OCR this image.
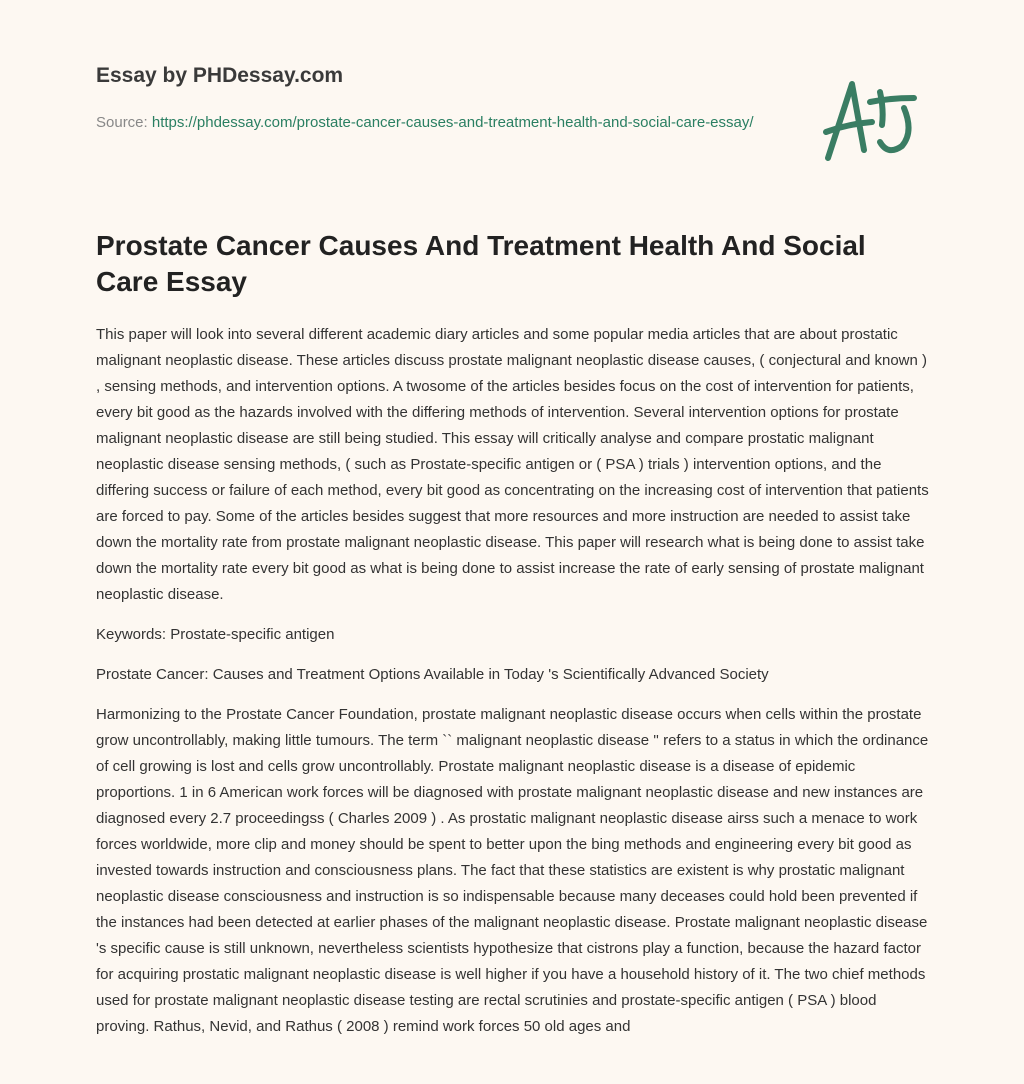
Essay by PHDessay.com
Source: https://phdessay.com/prostate-cancer-causes-and-treatment-health-and-social-care-essay/
Prostate Cancer Causes And Treatment Health And Social Care Essay

This paper will look into several different academic diary articles and some popular media articles that are about prostatic malignant neoplastic disease. These articles discuss prostate malignant neoplastic disease causes, ( conjectural and known ) , sensing methods, and intervention options. A twosome of the articles besides focus on the cost of intervention for patients, every bit good as the hazards involved with the differing methods of intervention. Several intervention options for prostate malignant neoplastic disease are still being studied. This essay will critically analyse and compare prostatic malignant neoplastic disease sensing methods, ( such as Prostate-specific antigen or ( PSA ) trials ) intervention options, and the differing success or failure of each method, every bit good as concentrating on the increasing cost of intervention that patients are forced to pay. Some of the articles besides suggest that more resources and more instruction are needed to assist take down the mortality rate from prostate malignant neoplastic disease. This paper will research what is being done to assist take down the mortality rate every bit good as what is being done to assist increase the rate of early sensing of prostate malignant neoplastic disease.

Keywords: Prostate-specific antigen

Prostate Cancer: Causes and Treatment Options Available in Today 's Scientifically Advanced Society

Harmonizing to the Prostate Cancer Foundation, prostate malignant neoplastic disease occurs when cells within the prostate grow uncontrollably, making little tumours. The term `` malignant neoplastic disease '' refers to a status in which the ordinance of cell growing is lost and cells grow uncontrollably. Prostate malignant neoplastic disease is a disease of epidemic proportions. 1 in 6 American work forces will be diagnosed with prostate malignant neoplastic disease and new instances are diagnosed every 2.7 proceedingss ( Charles 2009 ) . As prostatic malignant neoplastic disease airss such a menace to work forces worldwide, more clip and money should be spent to better upon the bing methods and engineering every bit good as invested towards instruction and consciousness plans. The fact that these statistics are existent is why prostatic malignant neoplastic disease consciousness and instruction is so indispensable because many deceases could hold been prevented if the instances had been detected at earlier phases of the malignant neoplastic disease. Prostate malignant neoplastic disease 's specific cause is still unknown, nevertheless scientists hypothesize that cistrons play a function, because the hazard factor for acquiring prostatic malignant neoplastic disease is well higher if you have a household history of it. The two chief methods used for prostate malignant neoplastic disease testing are rectal scrutinies and prostate-specific antigen ( PSA ) blood proving. Rathus, Nevid, and Rathus ( 2008 ) remind work forces 50 old ages and
